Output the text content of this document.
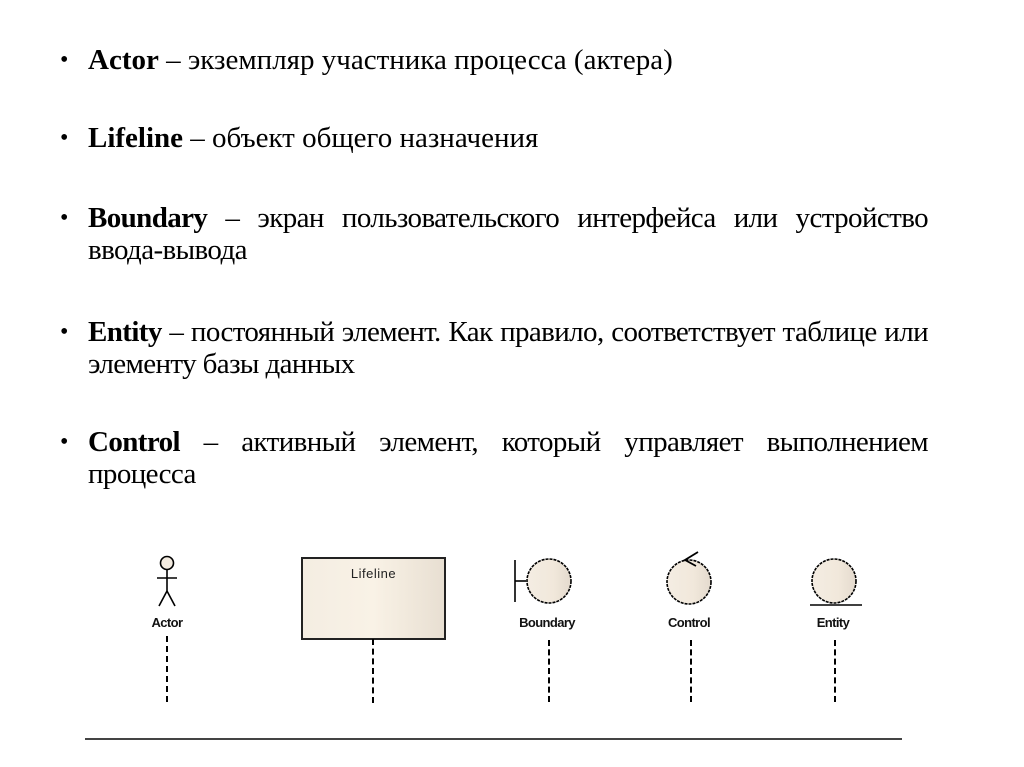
• Actor – экземпляр участника процесса (актера)
• Lifeline – объект общего назначения
• Boundary – экран пользовательского интерфейса или устройство ввода-вывода
• Entity – постоянный элемент. Как правило, соответствует таблице или элементу базы данных
• Control – активный элемент, который управляет выполнением процесса
Actor
Lifeline
Boundary	Control	Entity
